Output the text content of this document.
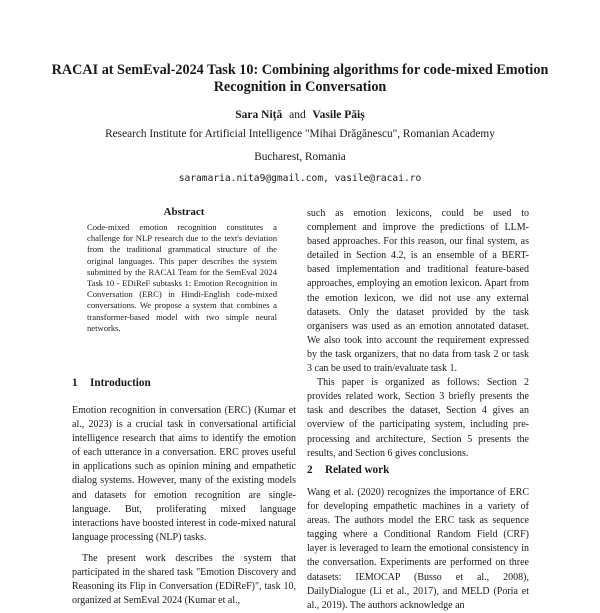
RACAI at SemEval-2024 Task 10: Combining algorithms for code-mixed Emotion Recognition in Conversation
Sara Niță and Vasile Păiș
Research Institute for Artificial Intelligence "Mihai Drăgănescu", Romanian Academy
Bucharest, Romania
saramaria.nita9@gmail.com, vasile@racai.ro
Abstract
Code-mixed emotion recognition constitutes a challenge for NLP research due to the text's deviation from the traditional grammatical structure of the original languages. This paper describes the system submitted by the RACAI Team for the SemEval 2024 Task 10 - EDiReF subtasks 1: Emotion Recognition in Conversation (ERC) in Hindi-English code-mixed conversations. We propose a system that combines a transformer-based model with two simple neural networks.
1 Introduction

Emotion recognition in conversation (ERC) (Kumar et al., 2023) is a crucial task in conversational artificial intelligence research that aims to identify the emotion of each utterance in a conversation. ERC proves useful in applications such as opinion mining and empathetic dialog systems. However, many of the existing models and datasets for emotion recognition are single-language. But, proliferating mixed language interactions have boosted interest in code-mixed natural language processing (NLP) tasks.

The present work describes the system that participated in the shared task "Emotion Discovery and Reasoning its Flip in Conversation (EDiReF)", task 10, organized at SemEval 2024 (Kumar et al.,

such as emotion lexicons, could be used to complement and improve the predictions of LLM-based approaches. For this reason, our final system, as detailed in Section 4.2, is an ensemble of a BERT-based implementation and traditional feature-based approaches, employing an emotion lexicon. Apart from the emotion lexicon, we did not use any external datasets. Only the dataset provided by the task organisers was used as an emotion annotated dataset. We also took into account the requirement expressed by the task organizers, that no data from task 2 or task 3 can be used to train/evaluate task 1.

This paper is organized as follows: Section 2 provides related work, Section 3 briefly presents the task and describes the dataset, Section 4 gives an overview of the participating system, including pre-processing and architecture, Section 5 presents the results, and Section 6 gives conclusions.

2 Related work

Wang et al. (2020) recognizes the importance of ERC for developing empathetic machines in a variety of areas. The authors model the ERC task as sequence tagging where a Conditional Random Field (CRF) layer is leveraged to learn the emotional consistency in the conversation. Experiments are performed on three datasets: IEMOCAP (Busso et al., 2008), DailyDialogue (Li et al., 2017), and MELD (Poria et al., 2019). The authors acknowledge an
